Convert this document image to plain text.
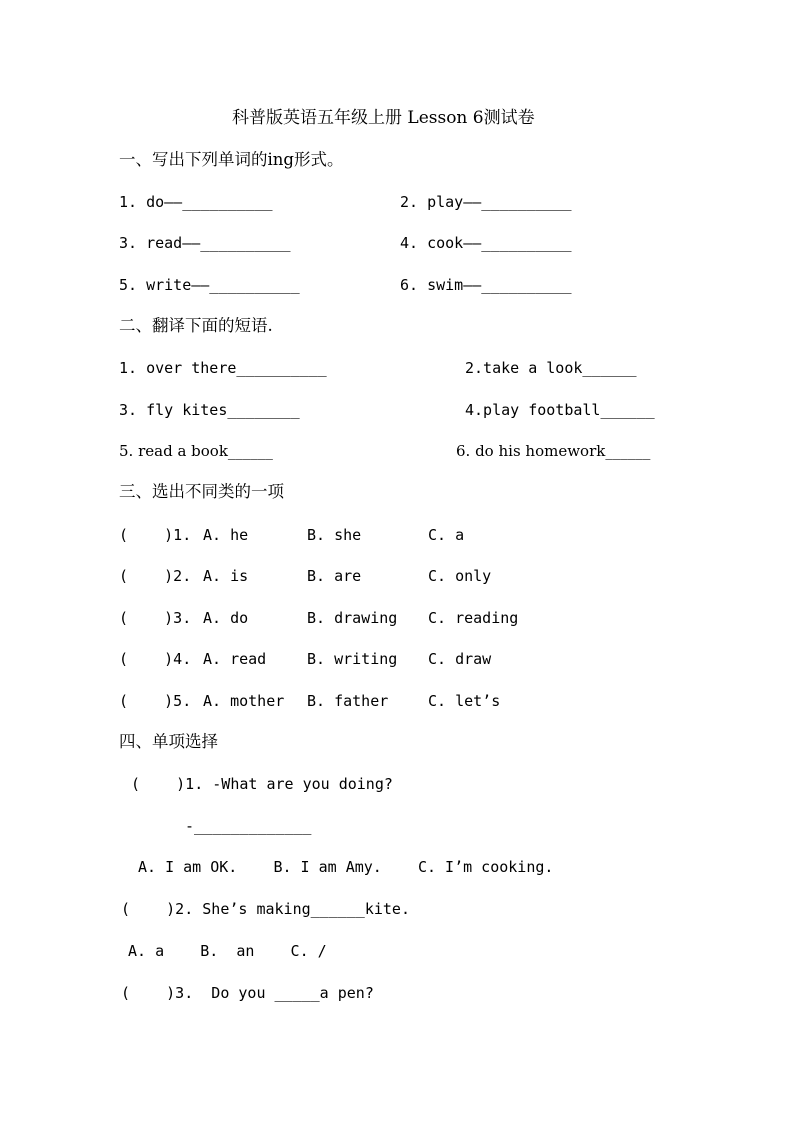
科普版英语五年级上册 Lesson 6测试卷
一、写出下列单词的ing形式。
1. do——__________	2. play——__________
3. read——__________	4. cook——__________
5. write——__________	6. swim——__________
二、翻译下面的短语.
1. over there__________	2.take a look______
3. fly kites________	4.play football______
5. read a book______	6. do his homework______
三、选出不同类的一项
(    )1. A. he	B. she	C. a
(    )2. A. is	B. are	C. only
(    )3. A. do	B. drawing C. reading
(    )4. A. read	B. writing C. draw
(    )5. A. mother B. father	C. let’s
四、单项选择
(    )1. -What are you doing?
-_____________
A. I am OK.    B. I am Amy.    C. I’m cooking.
(    )2. She’s making______kite.
A. a    B.  an    C. /
(    )3.  Do you _____a pen?
